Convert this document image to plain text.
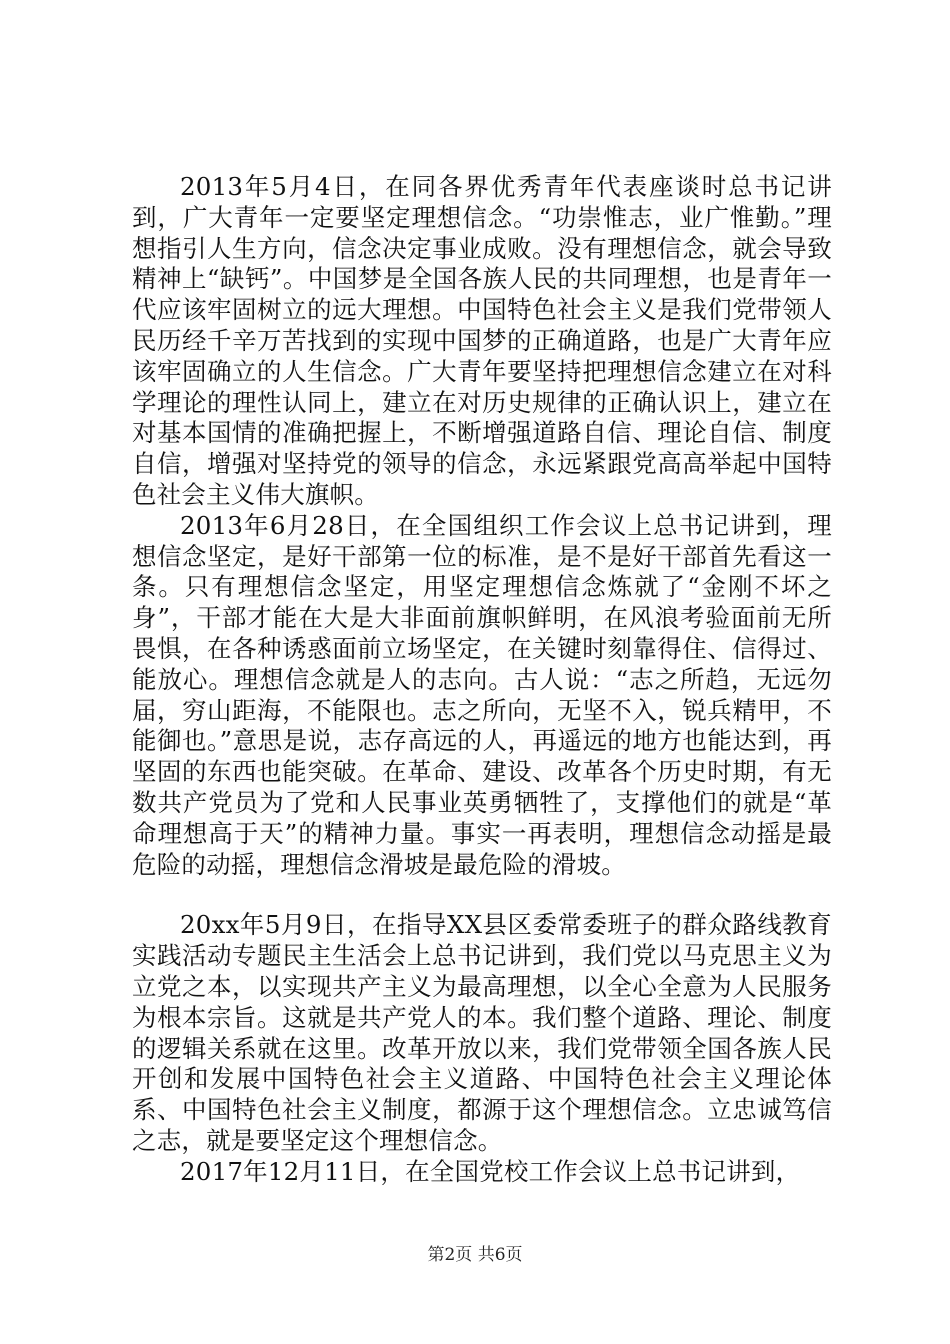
2013年5月4日，在同各界优秀青年代表座谈时总书记讲到，广大青年一定要坚定理想信念。“功崇惟志，业广惟勤。”理想指引人生方向，信念决定事业成败。没有理想信念，就会导致精神上“缺钙”。中国梦是全国各族人民的共同理想，也是青年一代应该牢固树立的远大理想。中国特色社会主义是我们党带领人民历经千辛万苦找到的实现中国梦的正确道路，也是广大青年应该牢固确立的人生信念。广大青年要坚持把理想信念建立在对科学理论的理性认同上，建立在对历史规律的正确认识上，建立在对基本国情的准确把握上，不断增强道路自信、理论自信、制度自信，增强对坚持党的领导的信念，永远紧跟党高高举起中国特色社会主义伟大旗帜。

2013年6月28日，在全国组织工作会议上总书记讲到，理想信念坚定，是好干部第一位的标准，是不是好干部首先看这一条。只有理想信念坚定，用坚定理想信念炼就了“金刚不坏之身”，干部才能在大是大非面前旗帜鲜明，在风浪考验面前无所畏惧，在各种诱惑面前立场坚定，在关键时刻靠得住、信得过、能放心。理想信念就是人的志向。古人说：“志之所趋，无远勿届，穷山距海，不能限也。志之所向，无坚不入，锐兵精甲，不能御也。”意思是说，志存高远的人，再遥远的地方也能达到，再坚固的东西也能突破。在革命、建设、改革各个历史时期，有无数共产党员为了党和人民事业英勇牺牲了，支撑他们的就是“革命理想高于天”的精神力量。事实一再表明，理想信念动摇是最危险的动摇，理想信念滑坡是最危险的滑坡。

20xx年5月9日，在指导XX县区委常委班子的群众路线教育实践活动专题民主生活会上总书记讲到，我们党以马克思主义为立党之本，以实现共产主义为最高理想，以全心全意为人民服务为根本宗旨。这就是共产党人的本。我们整个道路、理论、制度的逻辑关系就在这里。改革开放以来，我们党带领全国各族人民开创和发展中国特色社会主义道路、中国特色社会主义理论体系、中国特色社会主义制度，都源于这个理想信念。立忠诚笃信之志，就是要坚定这个理想信念。

2017年12月11日，在全国党校工作会议上总书记讲到，

第2页 共6页
